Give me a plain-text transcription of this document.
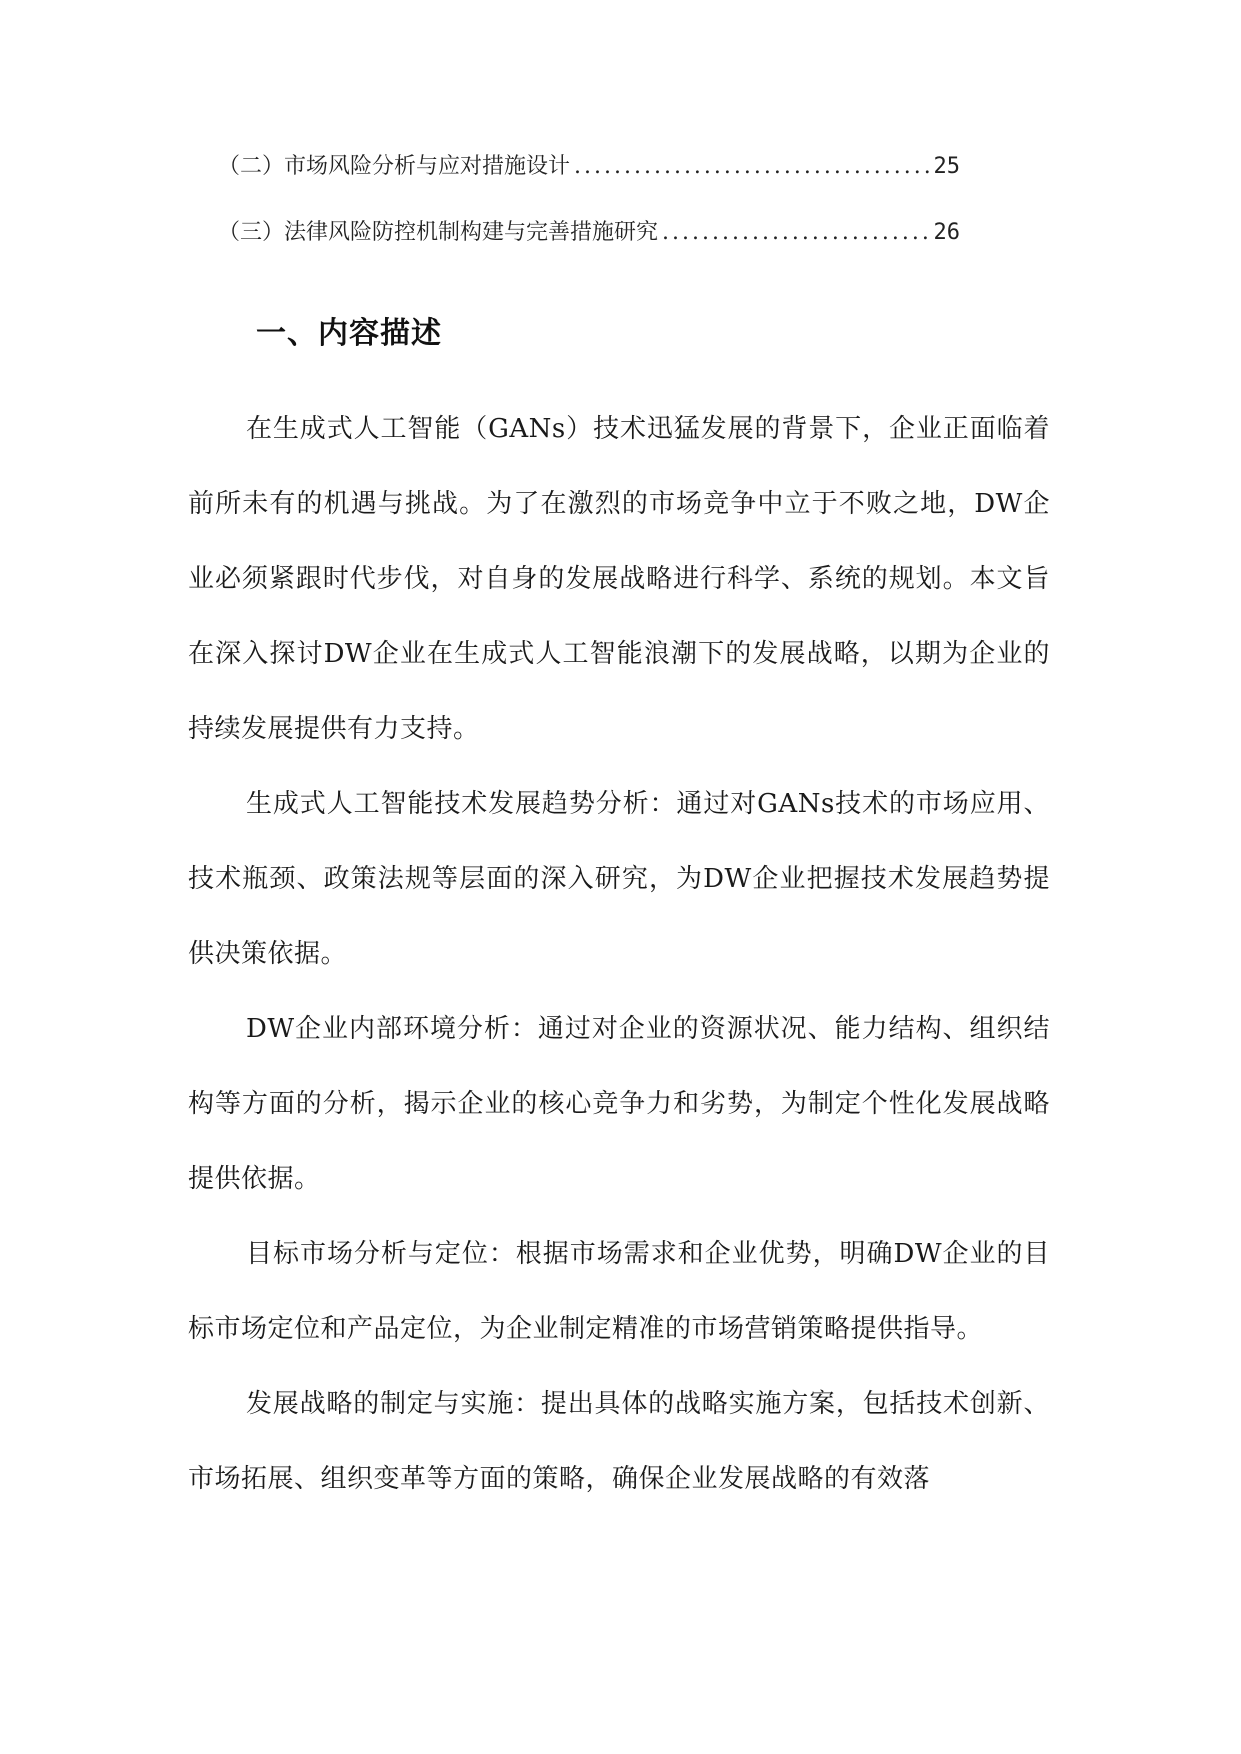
（二）市场风险分析与应对措施设计 .....	25
（三）法律风险防控机制构建与完善措施研究 .....	26
一、内容描述

在生成式人工智能（GANs）技术迅猛发展的背景下，企业正面临着前所未有的机遇与挑战。为了在激烈的市场竞争中立于不败之地，DW企业必须紧跟时代步伐，对自身的发展战略进行科学、系统的规划。本文旨在深入探讨DW企业在生成式人工智能浪潮下的发展战略，以期为企业的持续发展提供有力支持。

生成式人工智能技术发展趋势分析：通过对GANs技术的市场应用、技术瓶颈、政策法规等层面的深入研究，为DW企业把握技术发展趋势提供决策依据。

DW企业内部环境分析：通过对企业的资源状况、能力结构、组织结构等方面的分析，揭示企业的核心竞争力和劣势，为制定个性化发展战略提供依据。

目标市场分析与定位：根据市场需求和企业优势，明确DW企业的目标市场定位和产品定位，为企业制定精准的市场营销策略提供指导。

发展战略的制定与实施：提出具体的战略实施方案，包括技术创新、市场拓展、组织变革等方面的策略，确保企业发展战略的有效落
